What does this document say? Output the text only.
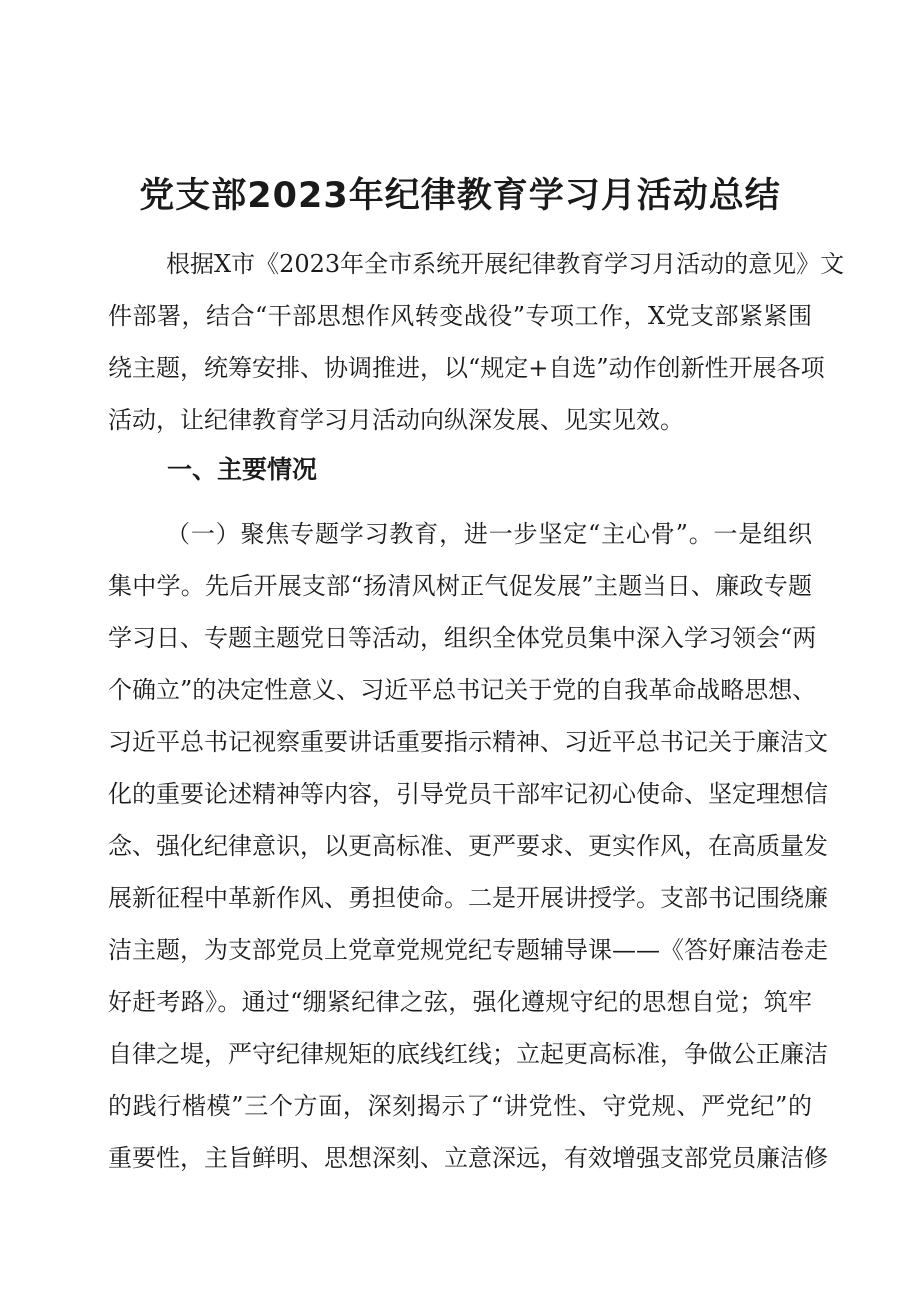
党支部2023年纪律教育学习月活动总结
根据X市《2023年全市系统开展纪律教育学习月活动的意见》文
件部署，结合“干部思想作风转变战役”专项工作，X党支部紧紧围
绕主题，统筹安排、协调推进，以“规定+自选”动作创新性开展各项
活动，让纪律教育学习月活动向纵深发展、见实见效。
一、主要情况
（一）聚焦专题学习教育，进一步坚定“主心骨”。一是组织
集中学。先后开展支部“扬清风树正气促发展”主题当日、廉政专题
学习日、专题主题党日等活动，组织全体党员集中深入学习领会“两
个确立”的决定性意义、习近平总书记关于党的自我革命战略思想、
习近平总书记视察重要讲话重要指示精神、习近平总书记关于廉洁文
化的重要论述精神等内容，引导党员干部牢记初心使命、坚定理想信
念、强化纪律意识，以更高标准、更严要求、更实作风，在高质量发
展新征程中革新作风、勇担使命。二是开展讲授学。支部书记围绕廉
洁主题，为支部党员上党章党规党纪专题辅导课——《答好廉洁卷走
好赶考路》。通过“绷紧纪律之弦，强化遵规守纪的思想自觉；筑牢
自律之堤，严守纪律规矩的底线红线；立起更高标准，争做公正廉洁
的践行楷模”三个方面，深刻揭示了“讲党性、守党规、严党纪”的
重要性，主旨鲜明、思想深刻、立意深远，有效增强支部党员廉洁修
